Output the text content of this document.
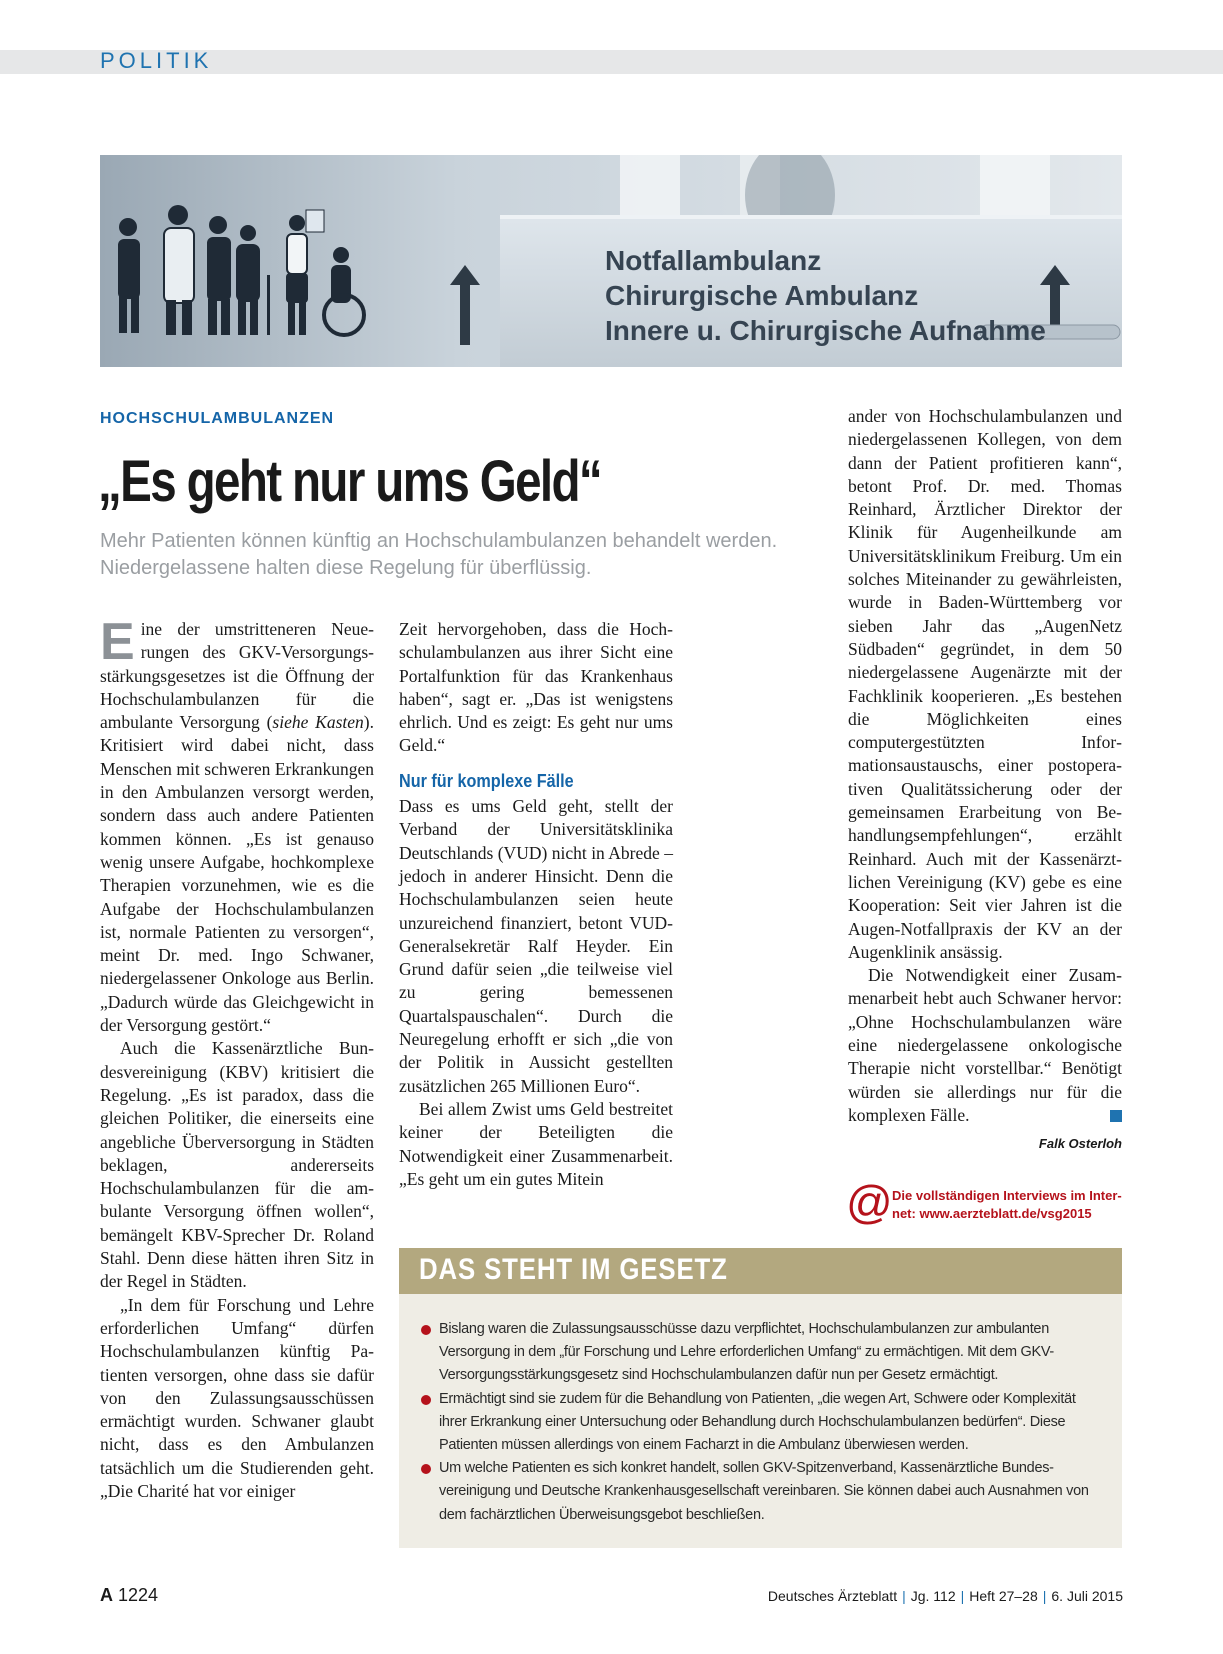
POLITIK
Notfallambulanz
Chirurgische Ambulanz
Innere u. Chirurgische Aufnahme
HOCHSCHULAMBULANZEN
„Es geht nur ums Geld“
Mehr Patienten können künftig an Hochschulambulanzen behandelt werden. Niedergelassene halten diese Regelung für überflüssig.

Eine der umstritteneren Neuerungen des GKV-Versorgungsstärkungsgesetzes ist die Öffnung der Hochschulambulanzen für die ambulante Versorgung (siehe Kasten). Kritisiert wird dabei nicht, dass Menschen mit schweren Erkrankungen in den Ambulanzen versorgt werden, sondern dass auch andere Patienten kommen können. „Es ist genauso wenig unsere Aufgabe, hochkomplexe Therapien vorzunehmen, wie es die Aufgabe der Hochschulambulanzen ist, normale Patienten zu versorgen“, meint Dr. med. Ingo Schwaner, niedergelassener Onkologe aus Berlin. „Dadurch würde das Gleichgewicht in der Versorgung gestört.“

Auch die Kassenärztliche Bundesvereinigung (KBV) kritisiert die Regelung. „Es ist paradox, dass die gleichen Politiker, die einerseits eine angebliche Überversorgung in Städten beklagen, andererseits Hochschulambulanzen für die ambulante Versorgung öffnen wollen“, bemängelt KBV-Sprecher Dr. Roland Stahl. Denn diese hätten ihren Sitz in der Regel in Städten.

„In dem für Forschung und Lehre erforderlichen Umfang“ dürfen Hochschulambulanzen künftig Patienten versorgen, ohne dass sie dafür von den Zulassungsausschüssen ermächtigt wurden. Schwaner glaubt nicht, dass es den Ambulanzen tatsächlich um die Studierenden geht. „Die Charité hat vor einiger

Zeit hervorgehoben, dass die Hochschulambulanzen aus ihrer Sicht eine Portalfunktion für das Krankenhaus haben“, sagt er. „Das ist wenigstens ehrlich. Und es zeigt: Es geht nur ums Geld.“

Nur für komplexe Fälle

Dass es ums Geld geht, stellt der Verband der Universitätsklinika Deutschlands (VUD) nicht in Abrede – jedoch in anderer Hinsicht. Denn die Hochschulambulanzen seien heute unzureichend finanziert, betont VUD-Generalsekretär Ralf Heyder. Ein Grund dafür seien „die teilweise viel zu gering bemessenen Quartalspauschalen“. Durch die Neuregelung erhofft er sich „die von der Politik in Aussicht gestellten zusätzlichen 265 Millionen Euro“.

Bei allem Zwist ums Geld bestreitet keiner der Beteiligten die Notwendigkeit einer Zusammenarbeit. „Es geht um ein gutes Mitein

ander von Hochschulambulanzen und niedergelassenen Kollegen, von dem dann der Patient profitieren kann“, betont Prof. Dr. med. Thomas Reinhard, Ärztlicher Direktor der Klinik für Augenheilkunde am Universitätsklinikum Freiburg. Um ein solches Miteinander zu gewährleisten, wurde in Baden-Württemberg vor sieben Jahr das „AugenNetz Südbaden“ gegründet, in dem 50 niedergelassene Augenärzte mit der Fachklinik kooperieren. „Es bestehen die Möglichkeiten eines computergestützten Informationsaustauschs, einer postoperativen Qualitätssicherung oder der gemeinsamen Erarbeitung von Behandlungsempfehlungen“, erzählt Reinhard. Auch mit der Kassenärztlichen Vereinigung (KV) gebe es eine Kooperation: Seit vier Jahren ist die Augen-Notfallpraxis der KV an der Augenklinik ansässig.

Die Notwendigkeit einer Zusammenarbeit hebt auch Schwaner hervor: „Ohne Hochschulambulanzen wäre eine niedergelassene onkologische Therapie nicht vorstellbar.“ Benötigt würden sie allerdings nur für die komplexen Fälle.

Falk Osterloh
@ Die vollständigen Interviews im Internet: www.aerzteblatt.de/vsg2015
DAS STEHT IM GESETZ
Bislang waren die Zulassungsausschüsse dazu verpflichtet, Hochschulambulanzen zur ambulanten Versorgung in dem „für Forschung und Lehre erforderlichen Umfang“ zu ermächtigen. Mit dem GKV-Versorgungsstärkungsgesetz sind Hochschulambulanzen dafür nun per Gesetz ermächtigt.
Ermächtigt sind sie zudem für die Behandlung von Patienten, „die wegen Art, Schwere oder Komplexität ihrer Erkrankung einer Untersuchung oder Behandlung durch Hochschulambulanzen bedürfen“. Diese Patienten müssen allerdings von einem Facharzt in die Ambulanz überwiesen werden.
Um welche Patienten es sich konkret handelt, sollen GKV-Spitzenverband, Kassenärztliche Bundesvereinigung und Deutsche Krankenhausgesellschaft vereinbaren. Sie können dabei auch Ausnahmen von dem fachärztlichen Überweisungsgebot beschließen.
A 1224	Deutsches Ärzteblatt | Jg. 112 | Heft 27–28 | 6. Juli 2015
